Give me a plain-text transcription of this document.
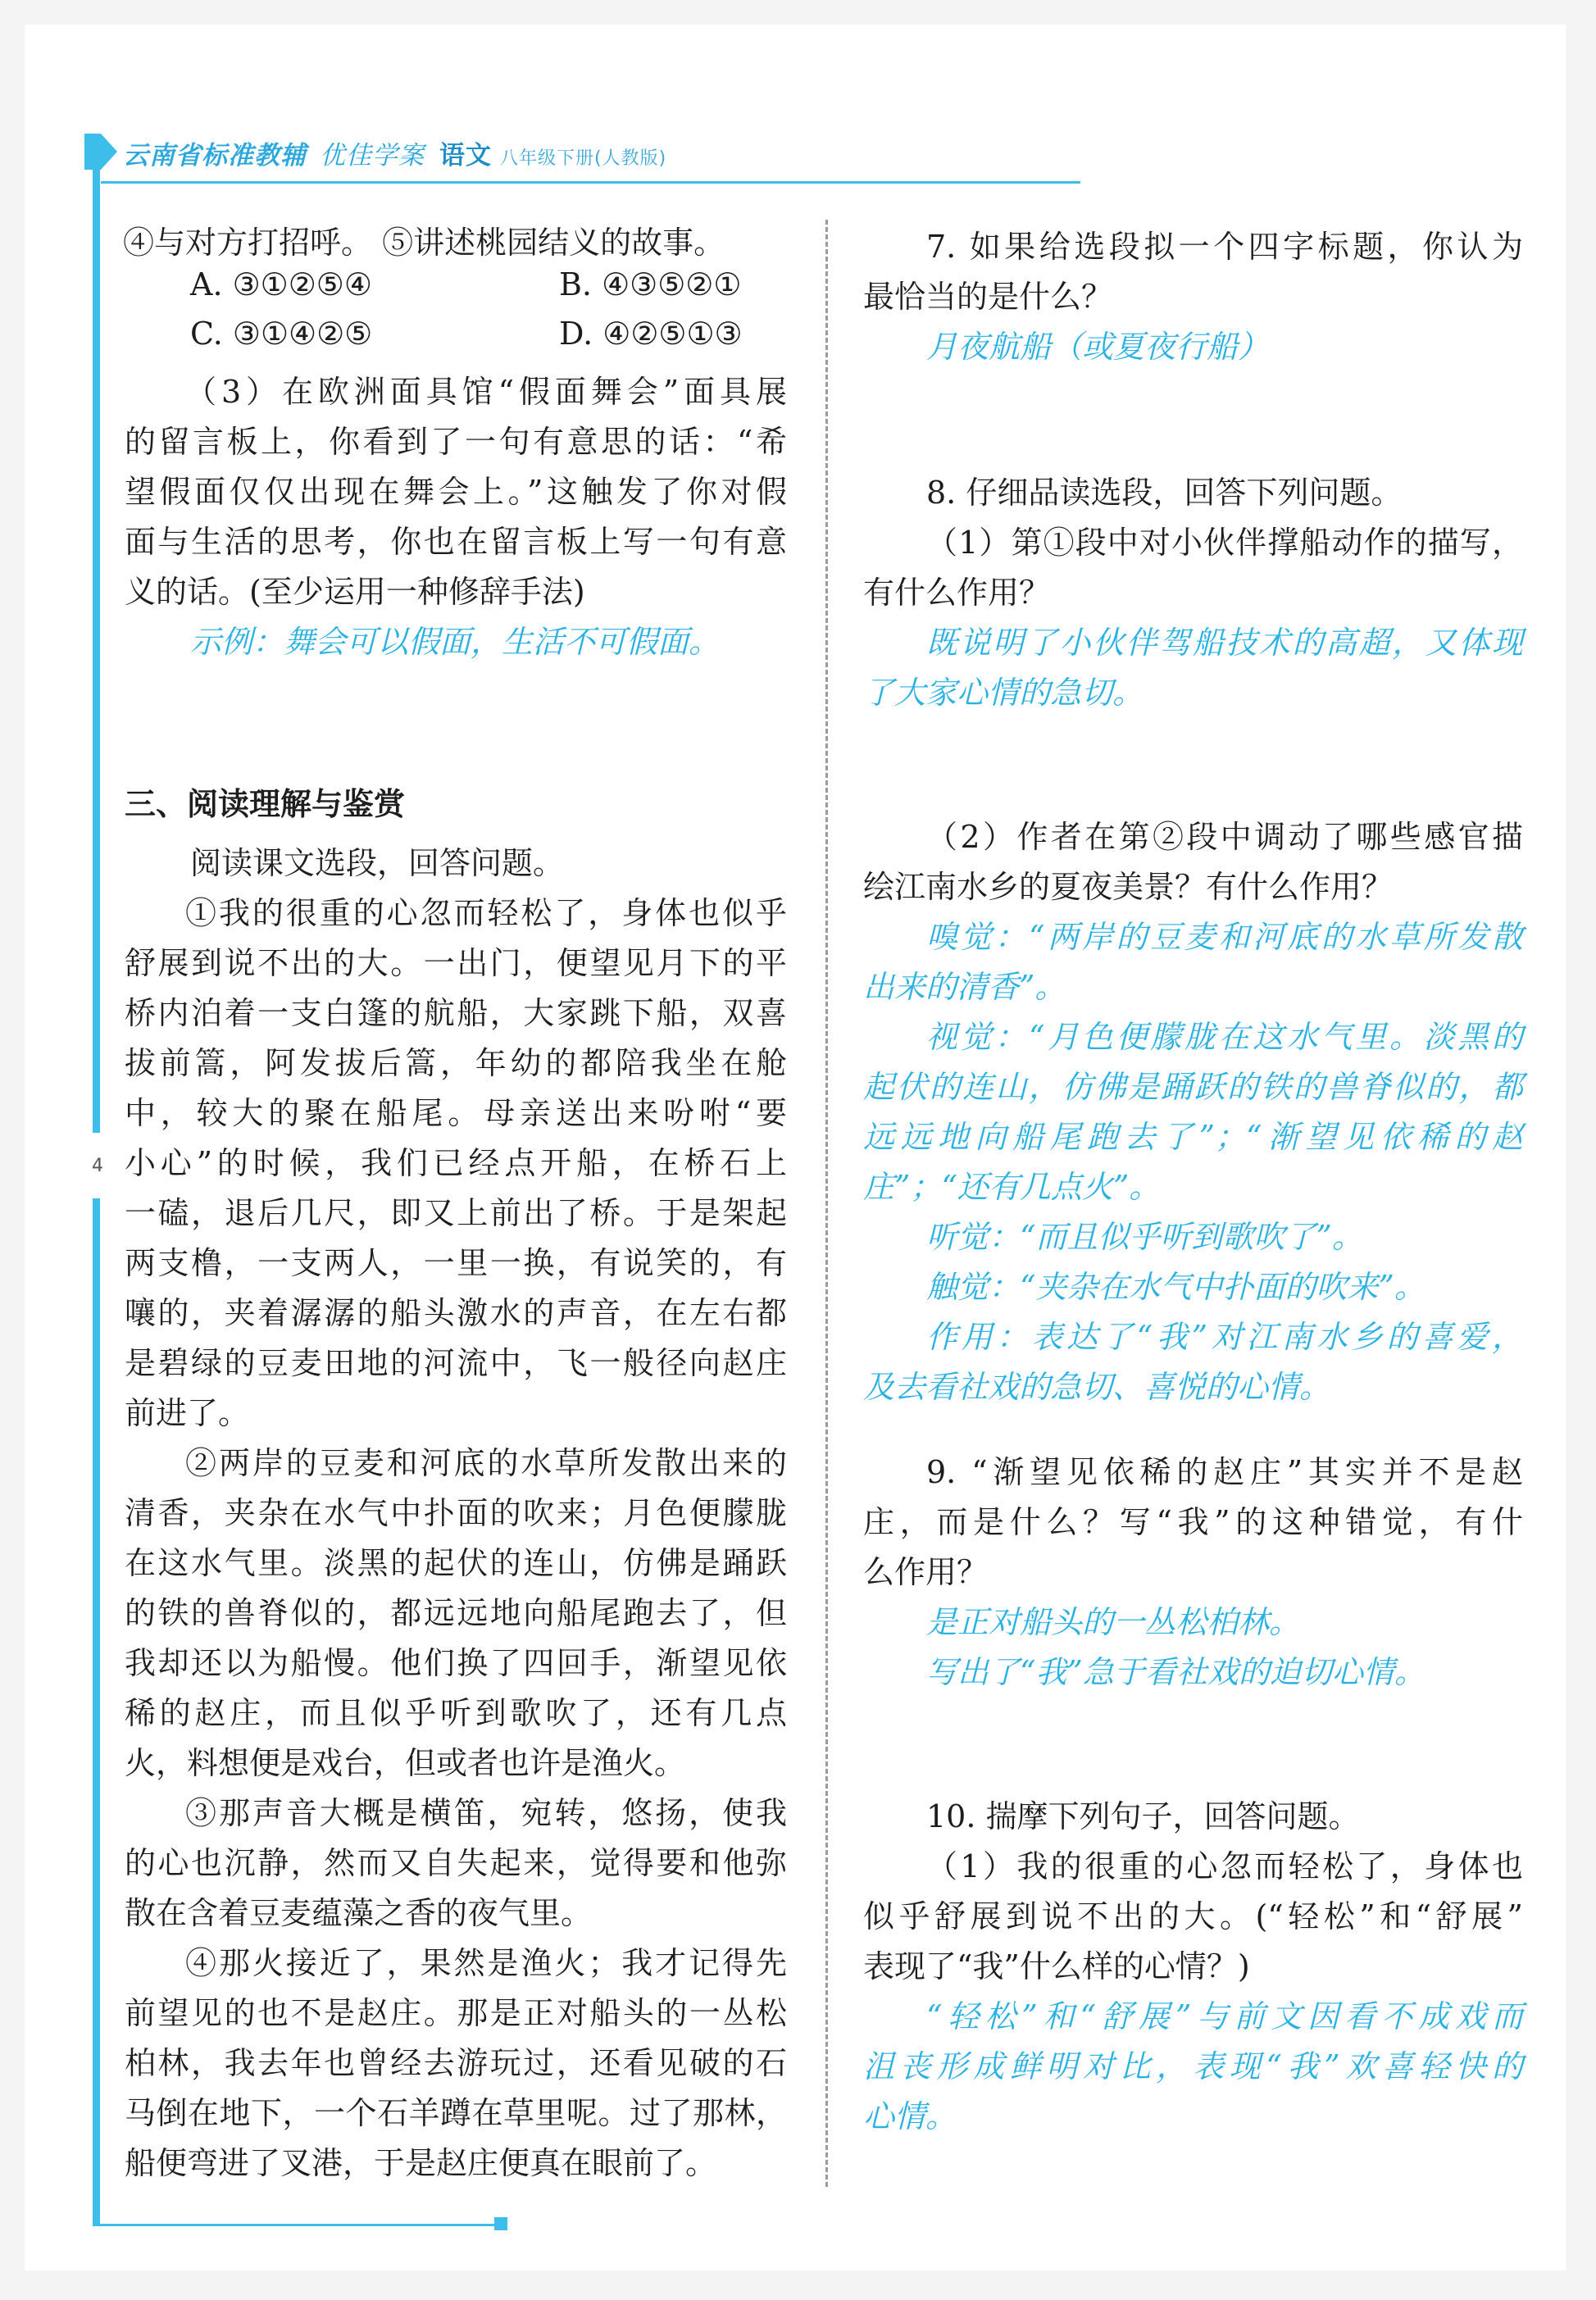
云南省标准教辅 优佳学案 语文 八年级下册(人教版)
4
④与对方打招呼。 ⑤讲述桃园结义的故事。
A. ③①②⑤④	B. ④③⑤②①
C. ③①④②⑤	D. ④②⑤①③
（3）在欧洲面具馆“假面舞会”面具展
的留言板上，你看到了一句有意思的话：“希
望假面仅仅出现在舞会上。”这触发了你对假
面与生活的思考，你也在留言板上写一句有意
义的话。(至少运用一种修辞手法)
示例：舞会可以假面，生活不可假面。
三、阅读理解与鉴赏
阅读课文选段，回答问题。
①我的很重的心忽而轻松了，身体也似乎
舒展到说不出的大。一出门，便望见月下的平
桥内泊着一支白篷的航船，大家跳下船，双喜
拔前篙，阿发拔后篙，年幼的都陪我坐在舱
中，较大的聚在船尾。母亲送出来吩咐“要
小心”的时候，我们已经点开船，在桥石上
一磕，退后几尺，即又上前出了桥。于是架起
两支橹，一支两人，一里一换，有说笑的，有
嚷的，夹着潺潺的船头激水的声音，在左右都
是碧绿的豆麦田地的河流中，飞一般径向赵庄
前进了。
②两岸的豆麦和河底的水草所发散出来的
清香，夹杂在水气中扑面的吹来；月色便朦胧
在这水气里。淡黑的起伏的连山，仿佛是踊跃
的铁的兽脊似的，都远远地向船尾跑去了，但
我却还以为船慢。他们换了四回手，渐望见依
稀的赵庄，而且似乎听到歌吹了，还有几点
火，料想便是戏台，但或者也许是渔火。
③那声音大概是横笛，宛转，悠扬，使我
的心也沉静，然而又自失起来，觉得要和他弥
散在含着豆麦蕴藻之香的夜气里。
④那火接近了，果然是渔火；我才记得先
前望见的也不是赵庄。那是正对船头的一丛松
柏林，我去年也曾经去游玩过，还看见破的石
马倒在地下，一个石羊蹲在草里呢。过了那林，
船便弯进了叉港，于是赵庄便真在眼前了。
7. 如果给选段拟一个四字标题，你认为
最恰当的是什么？
月夜航船（或夏夜行船）
8. 仔细品读选段，回答下列问题。
（1）第①段中对小伙伴撑船动作的描写，
有什么作用？
既说明了小伙伴驾船技术的高超，又体现
了大家心情的急切。
（2）作者在第②段中调动了哪些感官描
绘江南水乡的夏夜美景？有什么作用？
嗅觉：“两岸的豆麦和河底的水草所发散
出来的清香”。
视觉：“月色便朦胧在这水气里。淡黑的
起伏的连山，仿佛是踊跃的铁的兽脊似的，都
远远地向船尾跑去了”；“渐望见依稀的赵
庄”；“还有几点火”。
听觉：“而且似乎听到歌吹了”。
触觉：“夹杂在水气中扑面的吹来”。
作用：表达了“我”对江南水乡的喜爱，
及去看社戏的急切、喜悦的心情。
9. “渐望见依稀的赵庄”其实并不是赵
庄，而是什么？写“我”的这种错觉，有什
么作用？
是正对船头的一丛松柏林。
写出了“我”急于看社戏的迫切心情。
10. 揣摩下列句子，回答问题。
（1）我的很重的心忽而轻松了，身体也
似乎舒展到说不出的大。(“轻松”和“舒展”
表现了“我”什么样的心情？)
“轻松”和“舒展”与前文因看不成戏而
沮丧形成鲜明对比，表现“我”欢喜轻快的
心情。
